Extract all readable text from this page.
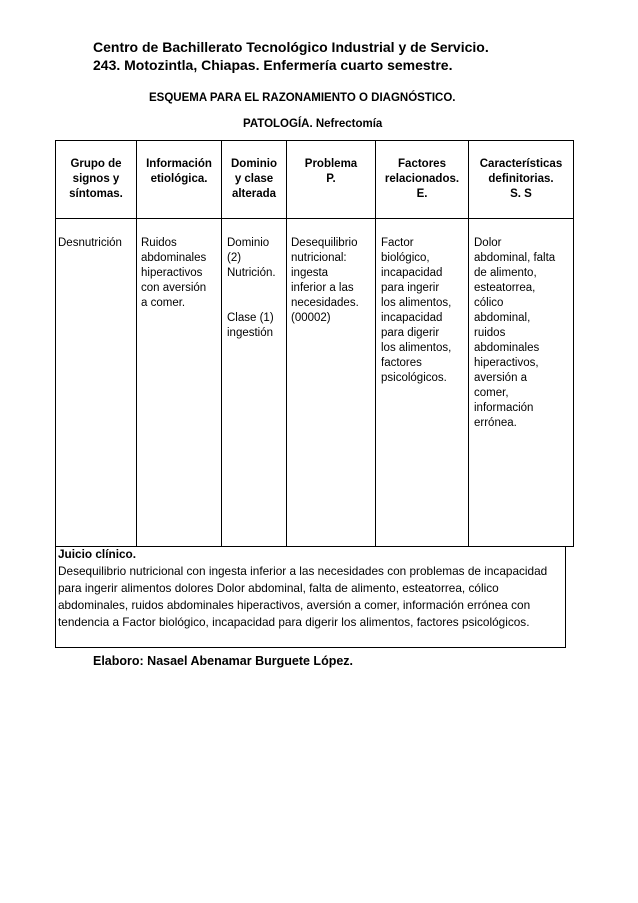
Centro de Bachillerato Tecnológico Industrial y de Servicio.
243. Motozintla, Chiapas. Enfermería cuarto semestre.
ESQUEMA PARA EL RAZONAMIENTO O DIAGNÓSTICO.
PATOLOGÍA. Nefrectomía
Grupo de
signos y
síntomas.
Información
etiológica.
Dominio
y clase
alterada
Problema
P.
Factores
relacionados.
E.
Características
definitorias.
S. S
Desnutrición	Ruidos
abdominales
hiperactivos
con aversión
a comer.
Dominio
(2)
Nutrición.
Clase (1)
ingestión
Desequilibrio
nutricional:
ingesta
inferior a las
necesidades.
(00002)
Factor
biológico,
incapacidad
para ingerir
los alimentos,
incapacidad
para digerir
los alimentos,
factores
psicológicos.
Dolor
abdominal, falta
de alimento,
esteatorrea,
cólico
abdominal,
ruidos
abdominales
hiperactivos,
aversión a
comer,
información
errónea.
Juicio clínico.
Desequilibrio nutricional con ingesta inferior a las necesidades con problemas de incapacidad para ingerir alimentos dolores Dolor abdominal, falta de alimento, esteatorrea, cólico abdominales, ruidos abdominales hiperactivos, aversión a comer, información errónea con tendencia a Factor biológico, incapacidad para digerir los alimentos, factores psicológicos.
Elaboro: Nasael Abenamar Burguete López.
